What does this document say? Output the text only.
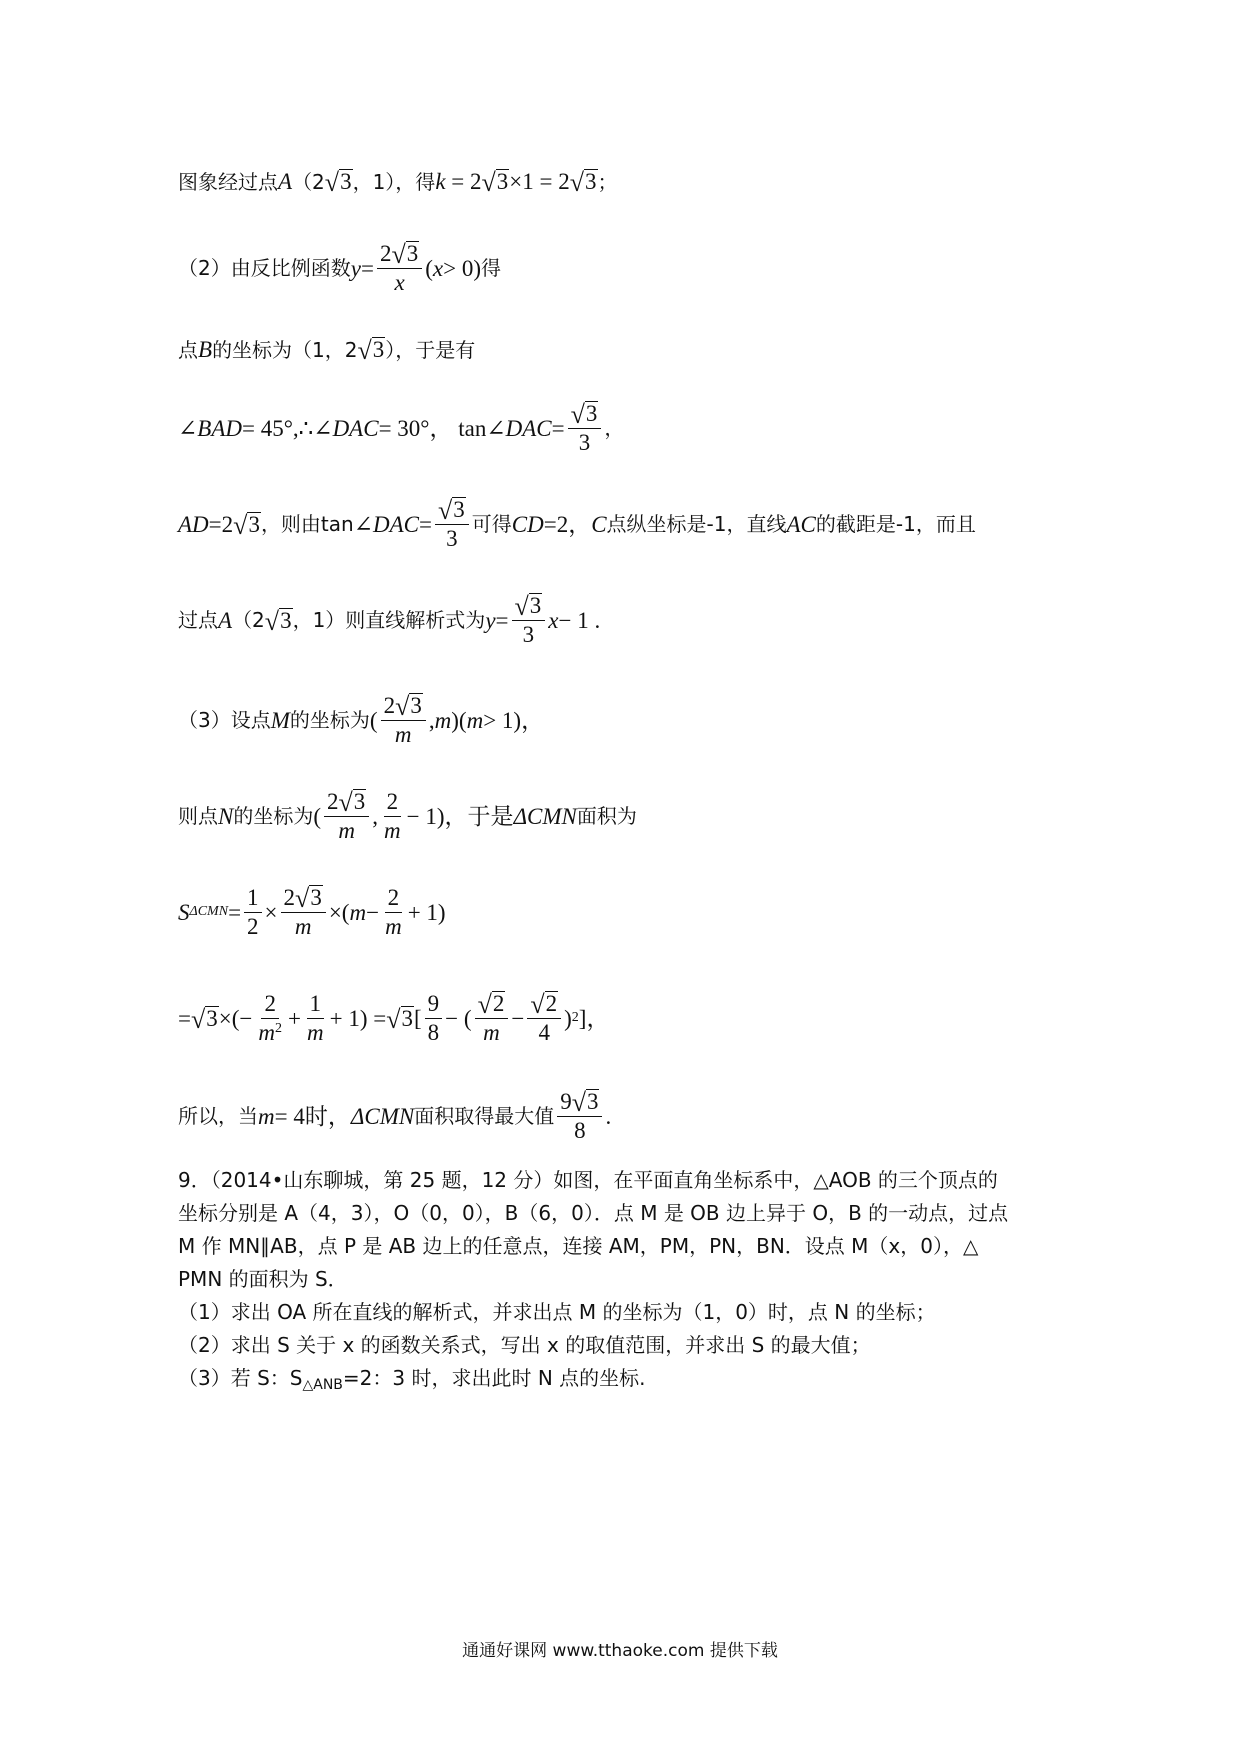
图象经过点A（2 √ 3 ，1），得k = 2 √ 3 ×1 = 2 √ 3 ；
（2）由反比例函数 $y = \frac{2 √ 3}{x}$ ( x > 0) 得
点B的坐标为（1，2 √ 3 ），于是有
∠BAD = 45°,∴ ∠DAC = 30°， tan ∠DAC = $\frac{√ 3}{3}$ ，
AD =2 √ 3 ，则由tan ∠DAC = $\frac{√ 3}{3}$ 可得 CD =2， C 点纵坐标是-1，直线 AC 的截距是-1，而且
过点 A （2 √ 3 ，1）则直线解析式为 $y = \frac{√ 3}{3}$ x − 1 .
（3）设点 M 的坐标为 ( $\frac{2 √ 3}{m}$ , m )( m > 1)，
则点 N 的坐标为 ( $\frac{2 √ 3}{m}$ , $\frac{2}{m} - 1$)，于是 ΔCMN 面积为
S $\Delta CMN = \frac{1}{2} \times \frac{2 √ 3}{m}$ ×( $m - \frac{2}{m} + 1$)
= √ 3 ×(− $\frac{2}{m^2} + \frac{1}{m} + 1$) = √ 3 [ $\frac{9}{8}$ − ( $\frac{√ 2}{m} - \frac{√ 2}{4}$ ) 2 ]，
所以，当 m = 4时， ΔCMN 面积取得最大值 $\frac{9 √ 3}{8}$ .
9．（2014•山东聊城，第 25 题，12 分）如图，在平面直角坐标系中，△AOB 的三个顶点的
坐标分别是 A（4，3），O（0，0），B（6，0）．点 M 是 OB 边上异于 O，B 的一动点，过点
M 作 MN∥AB，点 P 是 AB 边上的任意点，连接 AM，PM，PN，BN．设点 M（x，0），△
PMN 的面积为 S．
（1）求出 OA 所在直线的解析式，并求出点 M 的坐标为（1，0）时，点 N 的坐标；
（2）求出 S 关于 x 的函数关系式，写出 x 的取值范围，并求出 S 的最大值；
（3）若 S：$S_{\triangle ANB}=2$：3 时，求出此时 N 点的坐标.
通通好课网 www.tthaoke.com 提供下载
